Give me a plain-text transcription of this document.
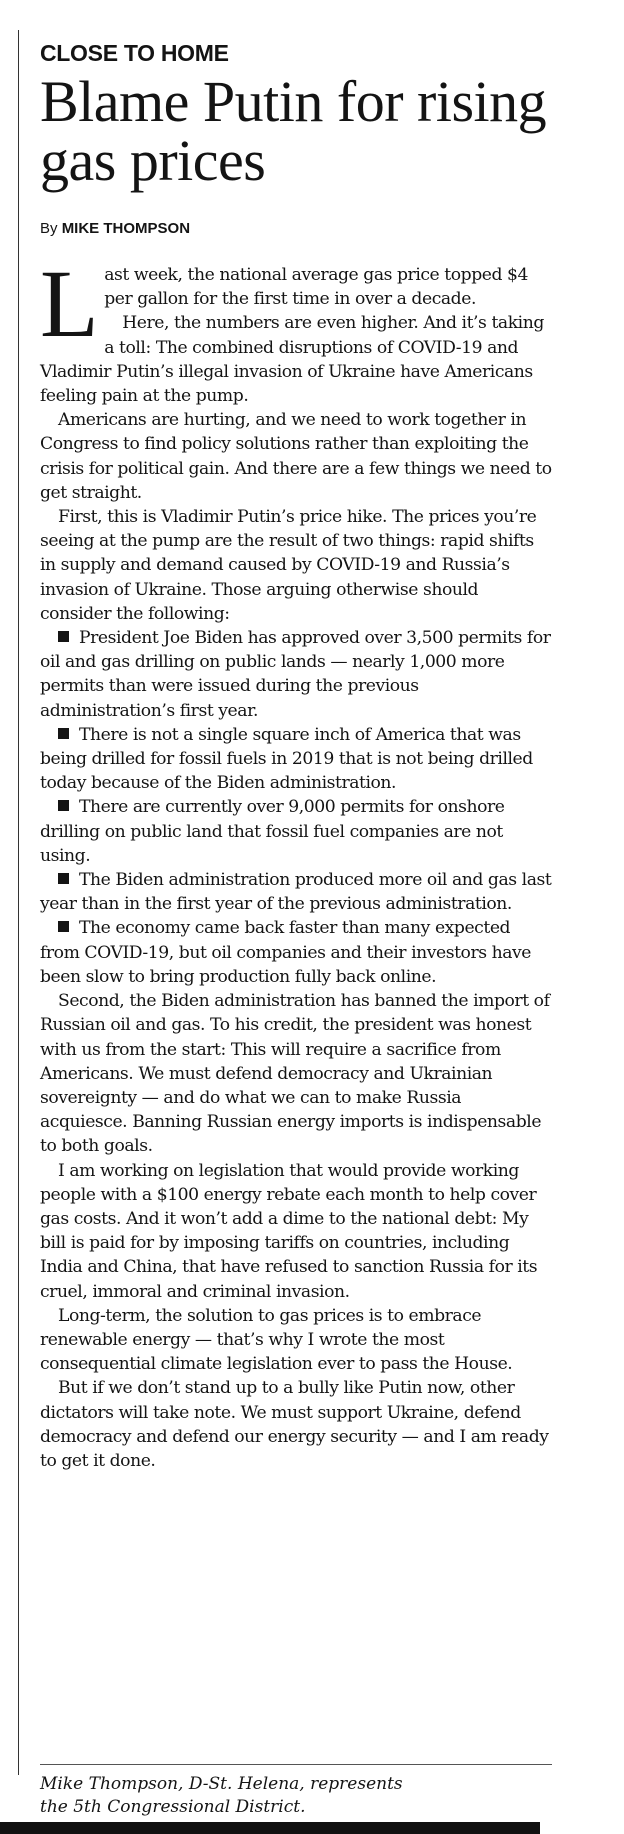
CLOSE TO HOME
Blame Putin for rising gas prices

By MIKE THOMPSON

Last week, the national average gas price topped $4 per gallon for the first time in over a decade.

Here, the numbers are even higher. And it’s taking a toll: The combined disruptions of COVID-19 and Vladimir Putin’s illegal invasion of Ukraine have Americans feeling pain at the pump.

Americans are hurting, and we need to work together in Congress to find policy solutions rather than exploiting the crisis for political gain. And there are a few things we need to get straight.

First, this is Vladimir Putin’s price hike. The prices you’re seeing at the pump are the result of two things: rapid shifts in supply and demand caused by COVID-19 and Russia’s invasion of Ukraine. Those arguing otherwise should consider the following:

President Joe Biden has approved over 3,500 permits for oil and gas drilling on public lands — nearly 1,000 more permits than were issued during the previous administration’s first year.

There is not a single square inch of America that was being drilled for fossil fuels in 2019 that is not being drilled today because of the Biden administration.

There are currently over 9,000 permits for onshore drilling on public land that fossil fuel companies are not using.

The Biden administration produced more oil and gas last year than in the first year of the previous administration.

The economy came back faster than many expected from COVID-19, but oil companies and their investors have been slow to bring production fully back online.

Second, the Biden administration has banned the import of Russian oil and gas. To his credit, the president was honest with us from the start: This will require a sacrifice from Americans. We must defend democracy and Ukrainian sovereignty — and do what we can to make Russia acquiesce. Banning Russian energy imports is indispensable to both goals.

I am working on legislation that would provide working people with a $100 energy rebate each month to help cover gas costs. And it won’t add a dime to the national debt: My bill is paid for by imposing tariffs on countries, including India and China, that have refused to sanction Russia for its cruel, immoral and criminal invasion.

Long-term, the solution to gas prices is to embrace renewable energy — that’s why I wrote the most consequential climate legislation ever to pass the House.

But if we don’t stand up to a bully like Putin now, other dictators will take note. We must support Ukraine, defend democracy and defend our energy security — and I am ready to get it done.

Mike Thompson, D-St. Helena, represents
the 5th Congressional District.
